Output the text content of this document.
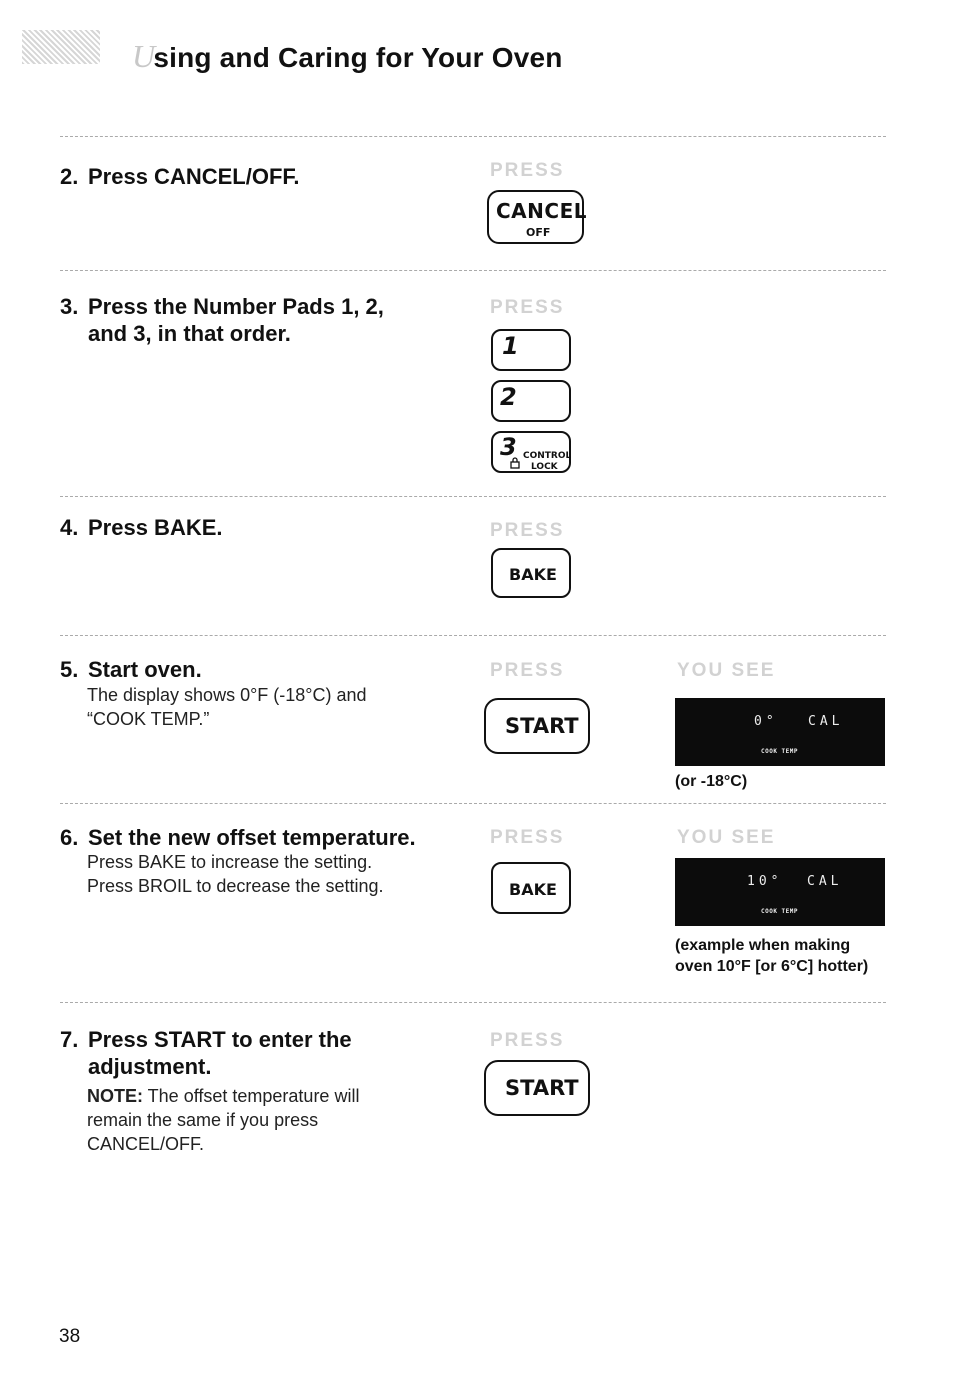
Using and Caring for Your Oven
2. Press CANCEL/OFF.	PRESS
CANCEL
OFF
3. Press the Number Pads 1, 2,
and 3, in that order.
PRESS
1
2
3 CONTROL
LOCK
4. Press BAKE.	PRESS
BAKE
5. Start oven.
The display shows 0°F (-18°C) and
“COOK TEMP.”
PRESS
START
YOU SEE
0° CAL
COOK TEMP
(or -18°C)
6. Set the new offset temperature.
Press BAKE to increase the setting.
Press BROIL to decrease the setting.
PRESS
BAKE
YOU SEE
10° CAL
COOK TEMP
(example when making
oven 10°F [or 6°C] hotter)
7. Press START to enter the
adjustment.
NOTE: The offset temperature will
remain the same if you press
CANCEL/OFF.
PRESS
START
38
